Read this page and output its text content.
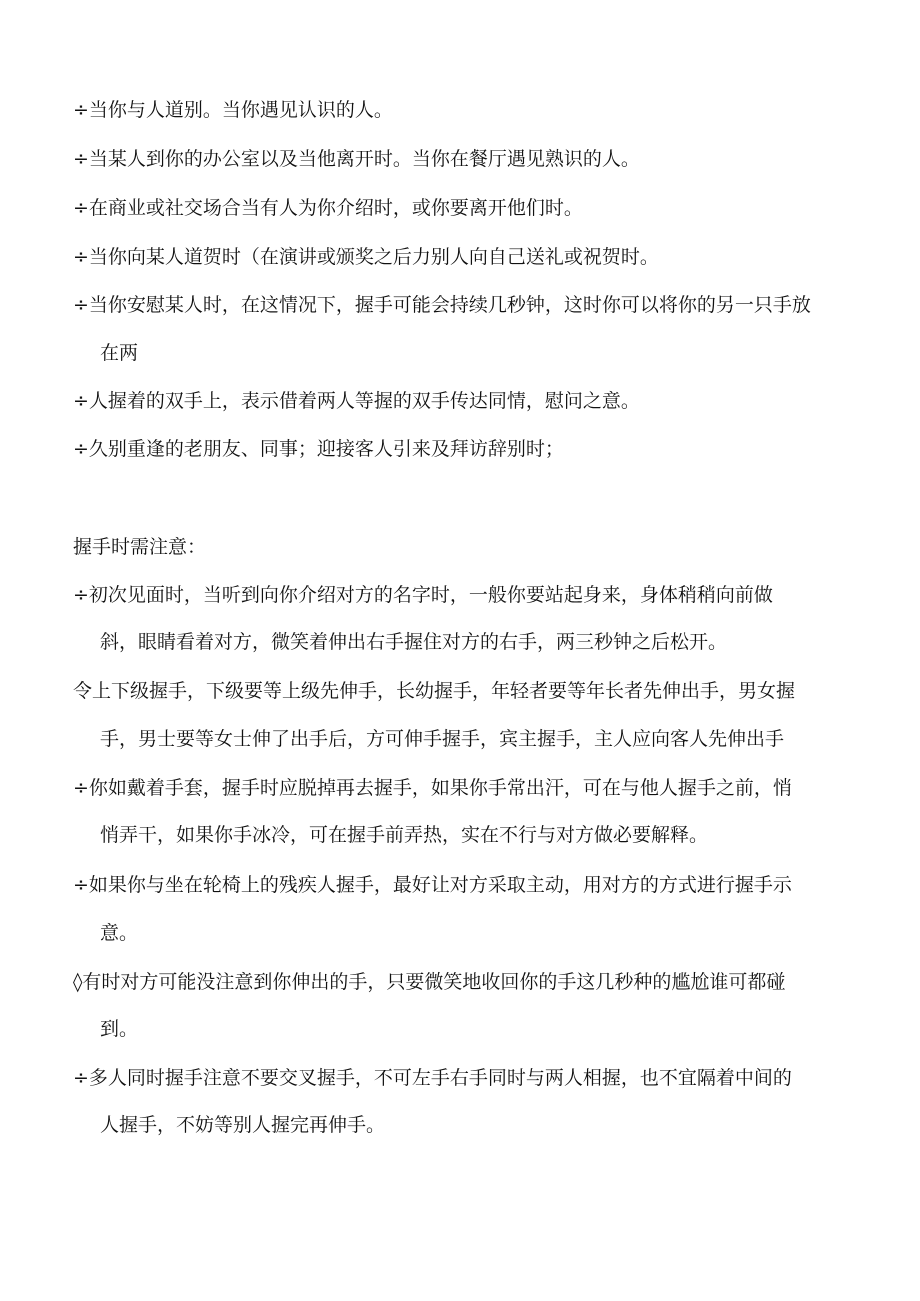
÷当你与人道别。当你遇见认识的人。
÷当某人到你的办公室以及当他离开时。当你在餐厅遇见熟识的人。
÷在商业或社交场合当有人为你介绍时，或你要离开他们时。
÷当你向某人道贺时（在演讲或颁奖之后力别人向自己送礼或祝贺时。
÷当你安慰某人时，在这情况下，握手可能会持续几秒钟，这时你可以将你的另一只手放
在两
÷人握着的双手上，表示借着两人等握的双手传达同情，慰问之意。
÷久别重逢的老朋友、同事；迎接客人引来及拜访辞别时；
握手时需注意：
÷初次见面时，当听到向你介绍对方的名字时，一般你要站起身来，身体稍稍向前做
斜，眼睛看着对方，微笑着伸出右手握住对方的右手，两三秒钟之后松开。
令上下级握手，下级要等上级先伸手，长幼握手，年轻者要等年长者先伸出手，男女握
手，男士要等女士伸了出手后，方可伸手握手，宾主握手，主人应向客人先伸出手
÷你如戴着手套，握手时应脱掉再去握手，如果你手常出汗，可在与他人握手之前，悄
悄弄干，如果你手冰冷，可在握手前弄热，实在不行与对方做必要解释。
÷如果你与坐在轮椅上的残疾人握手，最好让对方采取主动，用对方的方式进行握手示
意。
◊有时对方可能没注意到你伸出的手，只要微笑地收回你的手这几秒种的尴尬谁可都碰
到。
÷多人同时握手注意不要交叉握手，不可左手右手同时与两人相握，也不宜隔着中间的
人握手，不妨等别人握完再伸手。
